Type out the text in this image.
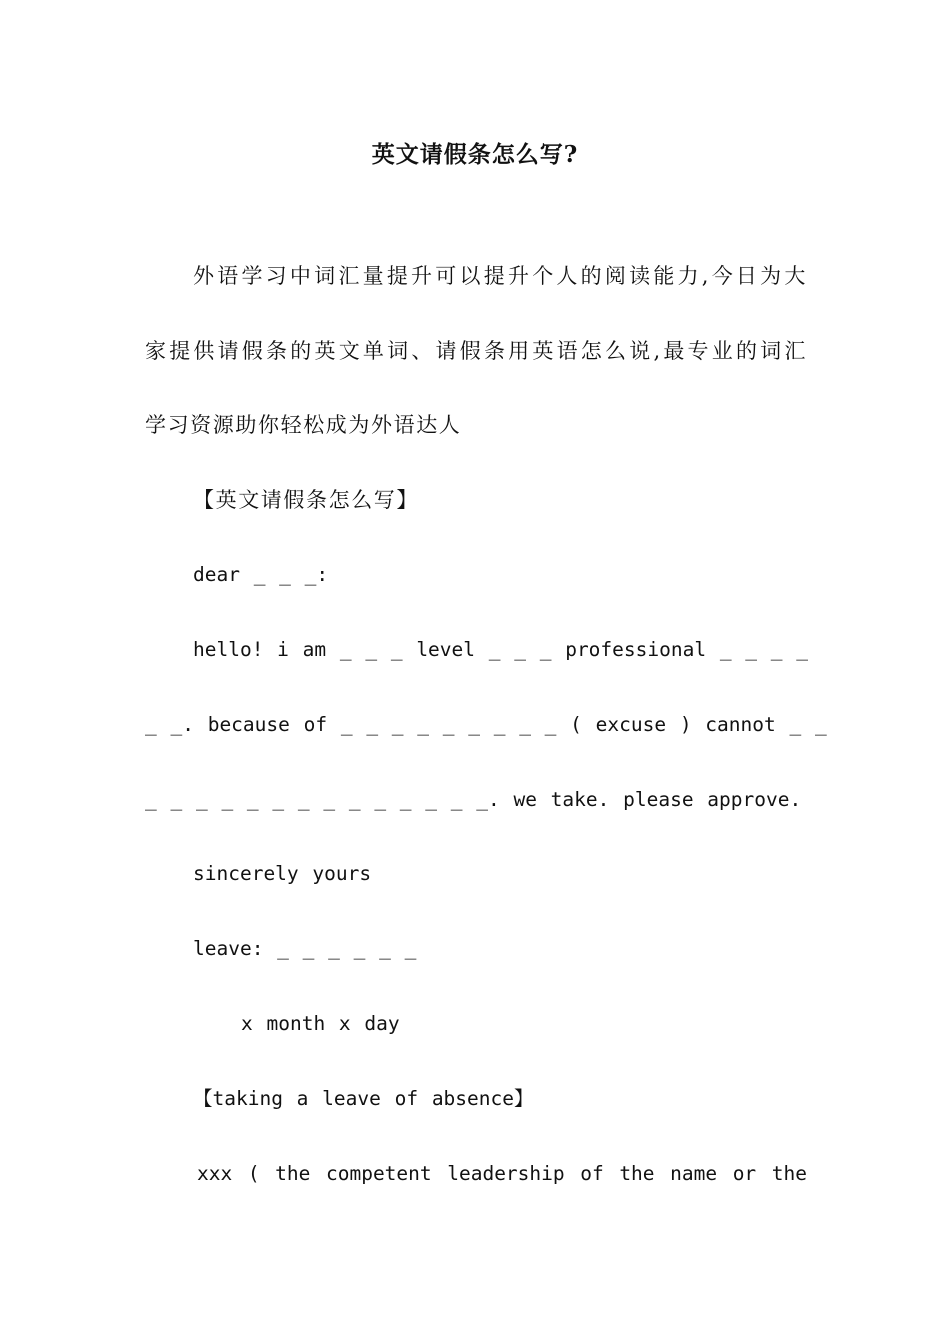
英文请假条怎么写?
外语学习中词汇量提升可以提升个人的阅读能力,今日为大
家提供请假条的英文单词、请假条用英语怎么说,最专业的词汇
学习资源助你轻松成为外语达人
【英文请假条怎么写】
dear _ _ _:
hello! i am _ _ _ level _ _ _ professional _ _ _ _
_ _. because of _ _ _ _ _ _ _ _ _ ( excuse ) cannot _ _
_ _ _ _ _ _ _ _ _ _ _ _ _ _. we take. please approve.
sincerely yours
leave: _ _ _ _ _ _
x month x day
【taking a leave of absence】
xxx ( the competent leadership of the name or the
